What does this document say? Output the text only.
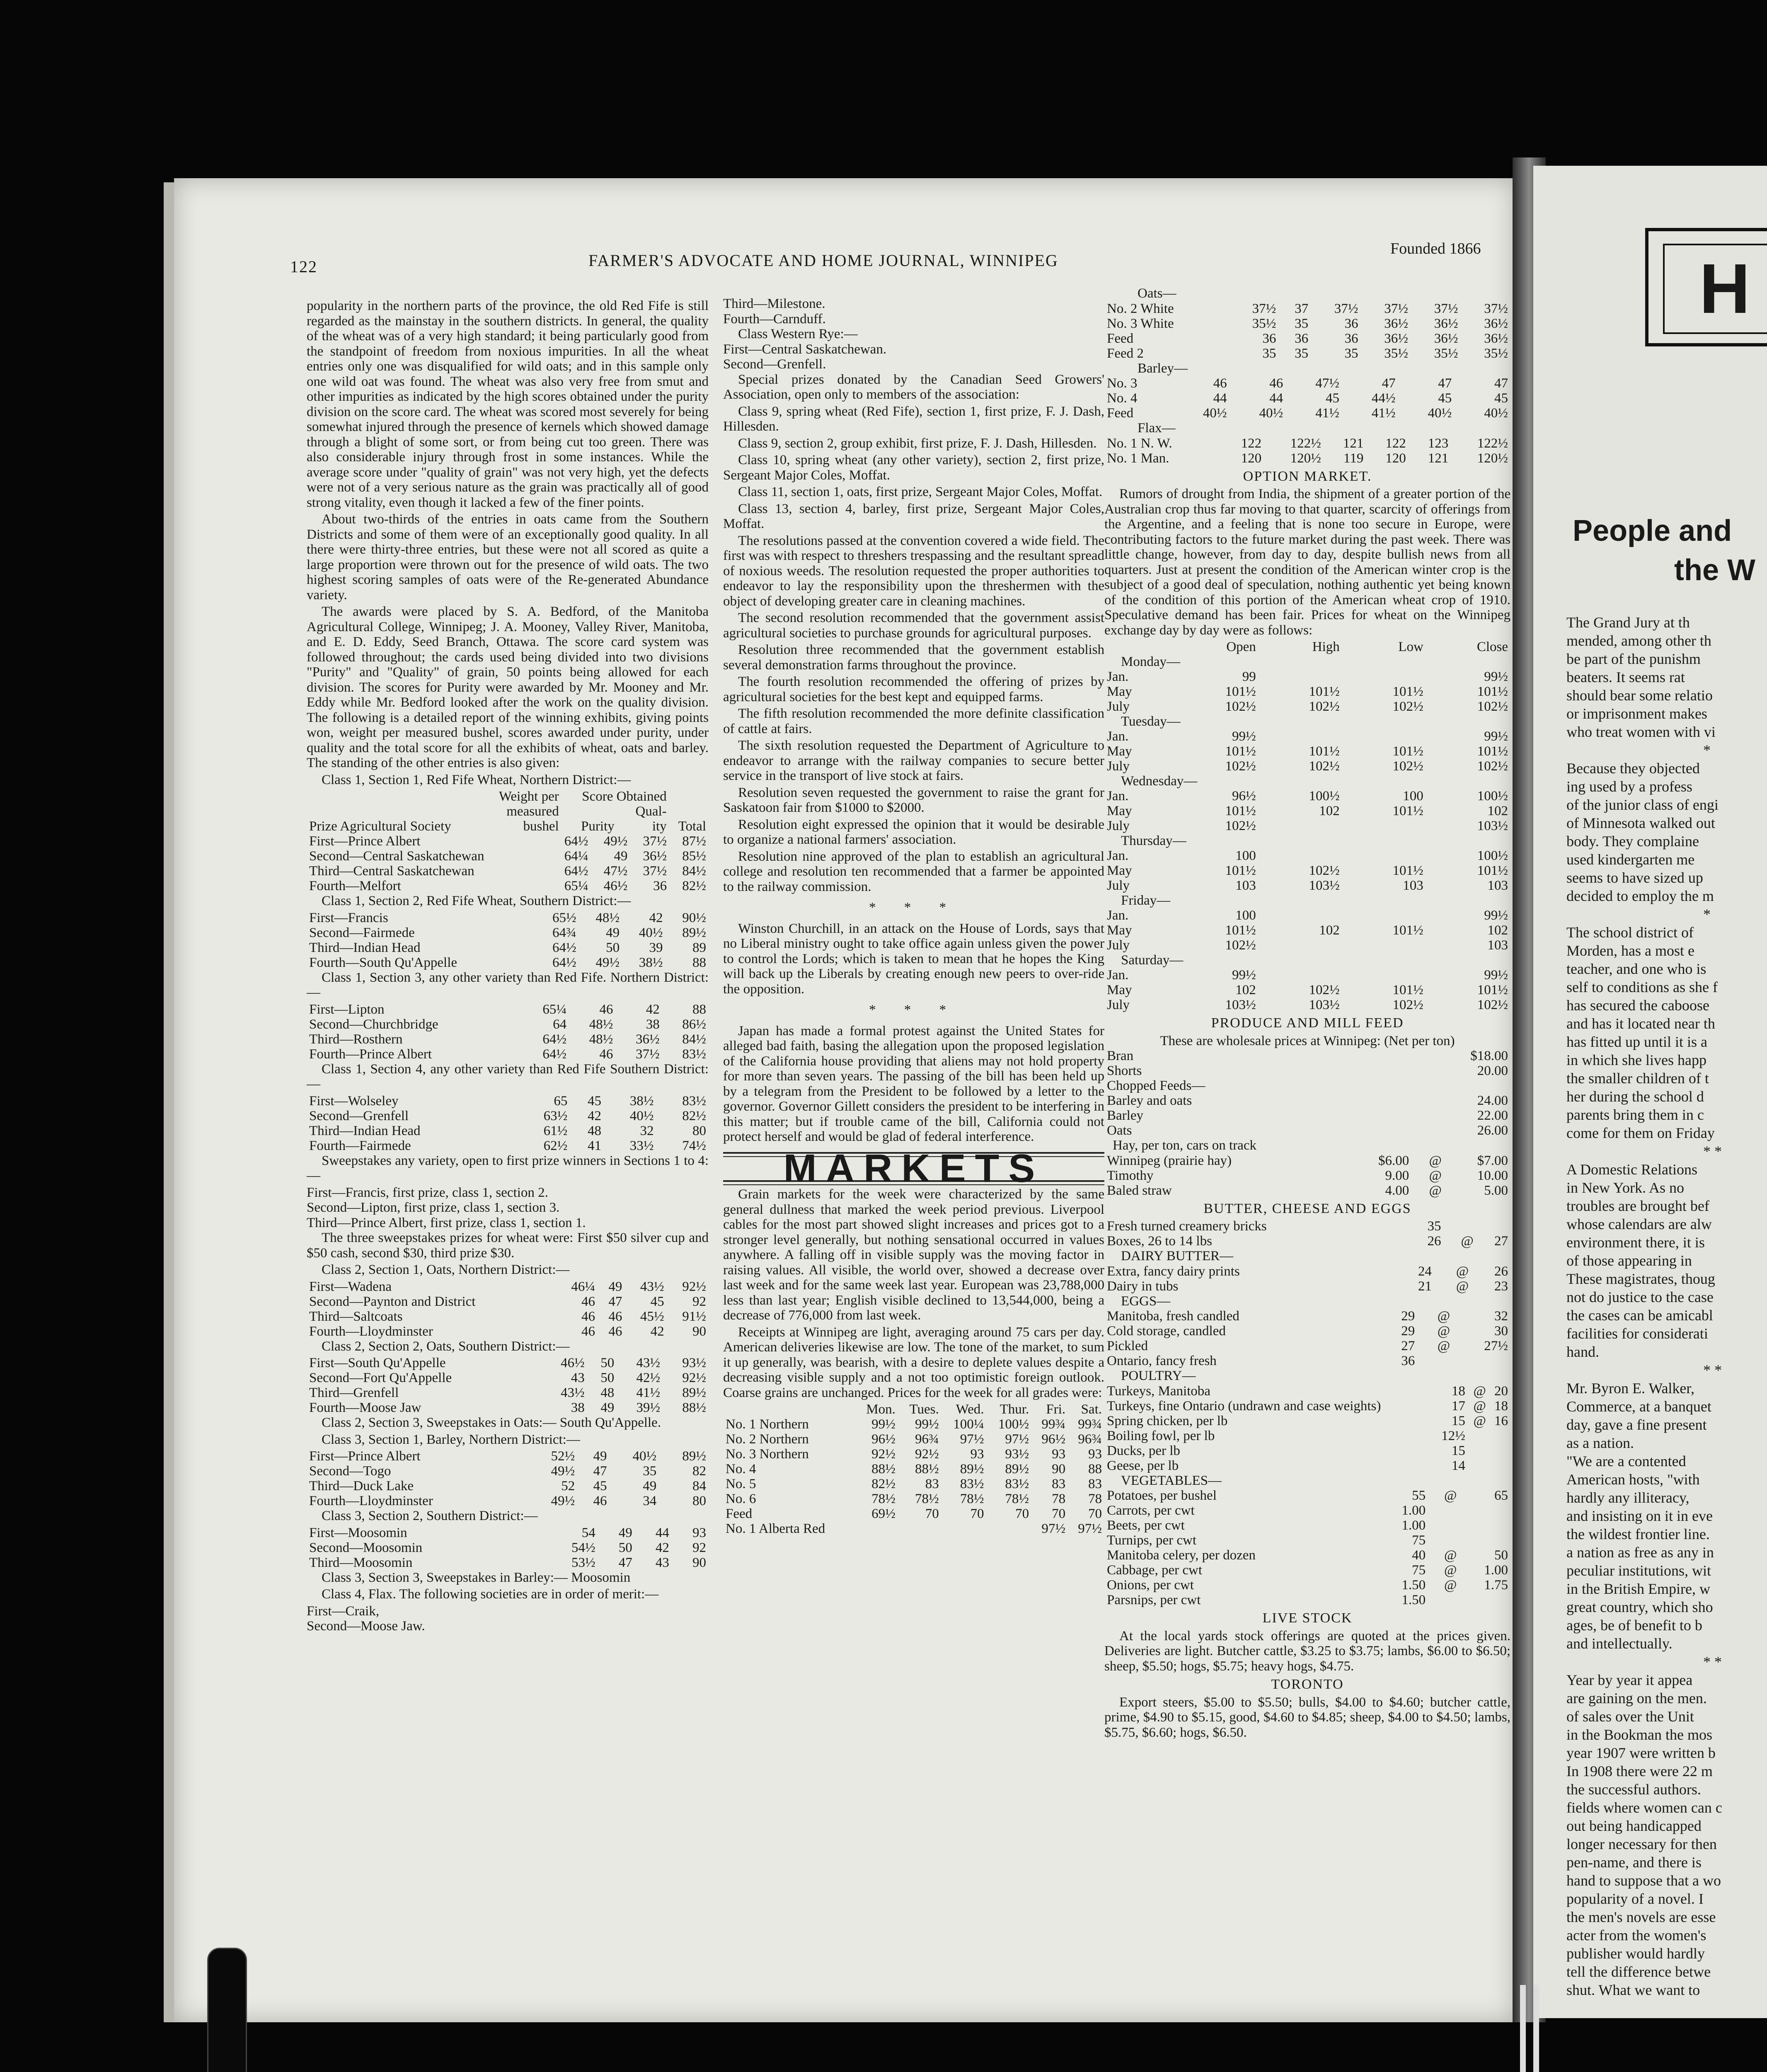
122	FARMER'S ADVOCATE AND HOME JOURNAL, WINNIPEG
Founded 1866

popularity in the northern parts of the province, the old Red Fife is still regarded as the mainstay in the southern districts. In general, the quality of the wheat was of a very high standard; it being particularly good from the standpoint of freedom from noxious impurities. In all the wheat entries only one was disqualified for wild oats; and in this sample only one wild oat was found. The wheat was also very free from smut and other impurities as indicated by the high scores obtained under the purity division on the score card. The wheat was scored most severely for being somewhat injured through the presence of kernels which showed damage through a blight of some sort, or from being cut too green. There was also considerable injury through frost in some instances. While the average score under "quality of grain" was not very high, yet the defects were not of a very serious nature as the grain was practically all of good strong vitality, even though it lacked a few of the finer points.

About two-thirds of the entries in oats came from the Southern Districts and some of them were of an exceptionally good quality. In all there were thirty-three entries, but these were not all scored as quite a large proportion were thrown out for the presence of wild oats. The two highest scoring samples of oats were of the Re-generated Abundance variety.

The awards were placed by S. A. Bedford, of the Manitoba Agricultural College, Winnipeg; J. A. Mooney, Valley River, Manitoba, and E. D. Eddy, Seed Branch, Ottawa. The score card system was followed throughout; the cards used being divided into two divisions "Purity" and "Quality" of grain, 50 points being allowed for each division. The scores for Purity were awarded by Mr. Mooney and Mr. Eddy while Mr. Bedford looked after the work on the quality division. The following is a detailed report of the winning exhibits, giving points won, weight per measured bushel, scores awarded under purity, under quality and the total score for all the exhibits of wheat, oats and barley. The standing of the other entries is also given:

Class 1, Section 1, Red Fife Wheat, Northern District:—

	Weight per	Score Obtained		
	measured		Qual-	
Prize Agricultural Society	bushel	Purity	ity	Total
First—Prince Albert	64½	49½	37½	87½
Second—Central Saskatchewan	64¼	49	36½	85½
Third—Central Saskatchewan	64½	47½	37½	84½
Fourth—Melfort	65¼	46½	36	82½

Class 1, Section 2, Red Fife Wheat, Southern District:—

First—Francis	65½	48½	42	90½
Second—Fairmede	64¾	49	40½	89½
Third—Indian Head	64½	50	39	89
Fourth—South Qu'Appelle	64½	49½	38½	88

Class 1, Section 3, any other variety than Red Fife. Northern District:—

First—Lipton	65¼	46	42	88
Second—Churchbridge	64	48½	38	86½
Third—Rosthern	64½	48½	36½	84½
Fourth—Prince Albert	64½	46	37½	83½

Class 1, Section 4, any other variety than Red Fife Southern District:—

First—Wolseley	65	45	38½	83½
Second—Grenfell	63½	42	40½	82½
Third—Indian Head	61½	48	32	80
Fourth—Fairmede	62½	41	33½	74½

Sweepstakes any variety, open to first prize winners in Sections 1 to 4:—

First—Francis, first prize, class 1, section 2.
Second—Lipton, first prize, class 1, section 3.
Third—Prince Albert, first prize, class 1, section 1.

The three sweepstakes prizes for wheat were: First $50 silver cup and $50 cash, second $30, third prize $30.

Class 2, Section 1, Oats, Northern District:—

First—Wadena	46¼	49	43½	92½
Second—Paynton and District	46	47	45	92
Third—Saltcoats	46	46	45½	91½
Fourth—Lloydminster	46	46	42	90

Class 2, Section 2, Oats, Southern District:—

First—South Qu'Appelle	46½	50	43½	93½
Second—Fort Qu'Appelle	43	50	42½	92½
Third—Grenfell	43½	48	41½	89½
Fourth—Moose Jaw	38	49	39½	88½

Class 2, Section 3, Sweepstakes in Oats:— South Qu'Appelle.

Class 3, Section 1, Barley, Northern District:—

First—Prince Albert	52½	49	40½	89½
Second—Togo	49½	47	35	82
Third—Duck Lake	52	45	49	84
Fourth—Lloydminster	49½	46	34	80

Class 3, Section 2, Southern District:—

First—Moosomin	54	49	44	93
Second—Moosomin	54½	50	42	92
Third—Moosomin	53½	47	43	90

Class 3, Section 3, Sweepstakes in Barley:— Moosomin

Class 4, Flax. The following societies are in order of merit:—

First—Craik,
Second—Moose Jaw.
Third—Milestone.
Fourth—Carnduff.
Class Western Rye:—
First—Central Saskatchewan.
Second—Grenfell.

Special prizes donated by the Canadian Seed Growers' Association, open only to members of the association:

Class 9, spring wheat (Red Fife), section 1, first prize, F. J. Dash, Hillesden.

Class 9, section 2, group exhibit, first prize, F. J. Dash, Hillesden.

Class 10, spring wheat (any other variety), section 2, first prize, Sergeant Major Coles, Moffat.

Class 11, section 1, oats, first prize, Sergeant Major Coles, Moffat.

Class 13, section 4, barley, first prize, Sergeant Major Coles, Moffat.

The resolutions passed at the convention covered a wide field. The first was with respect to threshers trespassing and the resultant spread of noxious weeds. The resolution requested the proper authorities to endeavor to lay the responsibility upon the threshermen with the object of developing greater care in cleaning machines.

The second resolution recommended that the government assist agricultural societies to purchase grounds for agricultural purposes.

Resolution three recommended that the government establish several demonstration farms throughout the province.

The fourth resolution recommended the offering of prizes by agricultural societies for the best kept and equipped farms.

The fifth resolution recommended the more definite classification of cattle at fairs.

The sixth resolution requested the Department of Agriculture to endeavor to arrange with the railway companies to secure better service in the transport of live stock at fairs.

Resolution seven requested the government to raise the grant for Saskatoon fair from $1000 to $2000.

Resolution eight expressed the opinion that it would be desirable to organize a national farmers' association.

Resolution nine approved of the plan to establish an agricultural college and resolution ten recommended that a farmer be appointed to the railway commission.

* * *

Winston Churchill, in an attack on the House of Lords, says that no Liberal ministry ought to take office again unless given the power to control the Lords; which is taken to mean that he hopes the King will back up the Liberals by creating enough new peers to over-ride the opposition.

* * *

Japan has made a formal protest against the United States for alleged bad faith, basing the allegation upon the proposed legislation of the California house providing that aliens may not hold property for more than seven years. The passing of the bill has been held up by a telegram from the President to be followed by a letter to the governor. Governor Gillett considers the president to be interfering in this matter; but if trouble came of the bill, California could not protect herself and would be glad of federal interference.

MARKETS

Grain markets for the week were characterized by the same general dullness that marked the week period previous. Liverpool cables for the most part showed slight increases and prices got to a stronger level generally, but nothing sensational occurred in values anywhere. A falling off in visible supply was the moving factor in raising values. All visible, the world over, showed a decrease over last week and for the same week last year. European was 23,788,000 less than last year; English visible declined to 13,544,000, being a decrease of 776,000 from last week.

Receipts at Winnipeg are light, averaging around 75 cars per day. American deliveries likewise are low. The tone of the market, to sum it up generally, was bearish, with a desire to deplete values despite a decreasing visible supply and a not too optimistic foreign outlook. Coarse grains are unchanged. Prices for the week for all grades were:

	Mon.	Tues.	Wed.	Thur.	Fri.	Sat.
No. 1 Northern	99½	99½	100¼	100½	99¾	99¾
No. 2 Northern	96½	96¾	97½	97½	96½	96¾
No. 3 Northern	92½	92½	93	93½	93	93
No. 4	88½	88½	89½	89½	90	88
No. 5	82½	83	83½	83½	83	83
No. 6	78½	78½	78½	78½	78	78
Feed	69½	70	70	70	70	70
No. 1 Alberta Red					97½	97½
Oats—
No. 2 White	37½	37	37½	37½	37½	37½
No. 3 White	35½	35	36	36½	36½	36½
Feed	36	36	36	36½	36½	36½
Feed 2	35	35	35	35½	35½	35½
Barley—
No. 3	46	46	47½	47	47	47
No. 4	44	44	45	44½	45	45
Feed	40½	40½	41½	41½	40½	40½
Flax—
No. 1 N. W.	122	122½	121	122	123	122½
No. 1 Man.	120	120½	119	120	121	120½
OPTION MARKET.

Rumors of drought from India, the shipment of a greater portion of the Australian crop thus far moving to that quarter, scarcity of offerings from the Argentine, and a feeling that is none too secure in Europe, were contributing factors to the future market during the past week. There was little change, however, from day to day, despite bullish news from all quarters. Just at present the condition of the American winter crop is the subject of a good deal of speculation, nothing authentic yet being known of the condition of this portion of the American wheat crop of 1910. Speculative demand has been fair. Prices for wheat on the Winnipeg exchange day by day were as follows:

	Open	High	Low	Close
Monday—				
Jan.	99			99½
May	101½	101½	101½	101½
July	102½	102½	102½	102½
Tuesday—				
Jan.	99½			99½
May	101½	101½	101½	101½
July	102½	102½	102½	102½
Wednesday—				
Jan.	96½	100½	100	100½
May	101½	102	101½	102
July	102½			103½
Thursday—				
Jan.	100			100½
May	101½	102½	101½	101½
July	103	103½	103	103
Friday—				
Jan.	100			99½
May	101½	102	101½	102
July	102½			103
Saturday—				
Jan.	99½			99½
May	102	102½	101½	101½
July	103½	103½	102½	102½
PRODUCE AND MILL FEED
These are wholesale prices at Winnipeg: (Net per ton)
Bran	$18.00
Shorts	20.00
Chopped Feeds—	
Barley and oats	24.00
Barley	22.00
Oats	26.00
Hay, per ton, cars on track
Winnipeg (prairie hay)	$6.00	@	$7.00
Timothy	9.00	@	10.00
Baled straw	4.00	@	5.00
BUTTER, CHEESE AND EGGS
Fresh turned creamery bricks	35		
Boxes, 26 to 14 lbs	26	@	27
DAIRY BUTTER—
Extra, fancy dairy prints	24	@	26
Dairy in tubs	21	@	23
EGGS—
Manitoba, fresh candled	29	@	32
Cold storage, candled	29	@	30
Pickled	27	@	27½
Ontario, fancy fresh	36		
POULTRY—
Turkeys, Manitoba	18	@	20
Turkeys, fine Ontario (undrawn and case weights)	17	@	18
Spring chicken, per lb	15	@	16
Boiling fowl, per lb	12½		
Ducks, per lb	15		
Geese, per lb	14		
VEGETABLES—
Potatoes, per bushel	55	@	65
Carrots, per cwt	1.00		
Beets, per cwt	1.00		
Turnips, per cwt	75		
Manitoba celery, per dozen	40	@	50
Cabbage, per cwt	75	@	1.00
Onions, per cwt	1.50	@	1.75
Parsnips, per cwt	1.50		
LIVE STOCK

At the local yards stock offerings are quoted at the prices given. Deliveries are light. Butcher cattle, $3.25 to $3.75; lambs, $6.00 to $6.50; sheep, $5.50; hogs, $5.75; heavy hogs, $4.75.

TORONTO

Export steers, $5.00 to $5.50; bulls, $4.00 to $4.60; butcher cattle, prime, $4.90 to $5.15, good, $4.60 to $4.85; sheep, $4.00 to $4.50; lambs, $5.75, $6.60; hogs, $6.50.

H
People and
the W
The Grand Jury at th
mended, among other th
be part of the punishm
beaters. It seems rat
should bear some relatio
or imprisonment makes
who treat women with vi
*
Because they objected
ing used by a profess
of the junior class of engi
of Minnesota walked out
body. They complaine
used kindergarten me
seems to have sized up
decided to employ the m
*
The school district of
Morden, has a most e
teacher, and one who is
self to conditions as she f
has secured the caboose
and has it located near th
has fitted up until it is a
in which she lives happ
the smaller children of t
her during the school d
parents bring them in c
come for them on Friday
* *
A Domestic Relations
in New York. As no
troubles are brought bef
whose calendars are alw
environment there, it is
of those appearing in
These magistrates, thoug
not do justice to the case
the cases can be amicabl
facilities for considerati
hand.
* *
Mr. Byron E. Walker,
Commerce, at a banquet
day, gave a fine present
as a nation.
"We are a contented
American hosts, "with
hardly any illiteracy,
and insisting on it in eve
the wildest frontier line.
a nation as free as any in
peculiar institutions, wit
in the British Empire, w
great country, which sho
ages, be of benefit to b
and intellectually.
* *
Year by year it appea
are gaining on the men.
of sales over the Unit
in the Bookman the mos
year 1907 were written b
In 1908 there were 22 m
the successful authors.
fields where women can c
out being handicapped
longer necessary for then
pen-name, and there is
hand to suppose that a wo
popularity of a novel. I
the men's novels are esse
acter from the women's
publisher would hardly
tell the difference betwe
shut. What we want to
